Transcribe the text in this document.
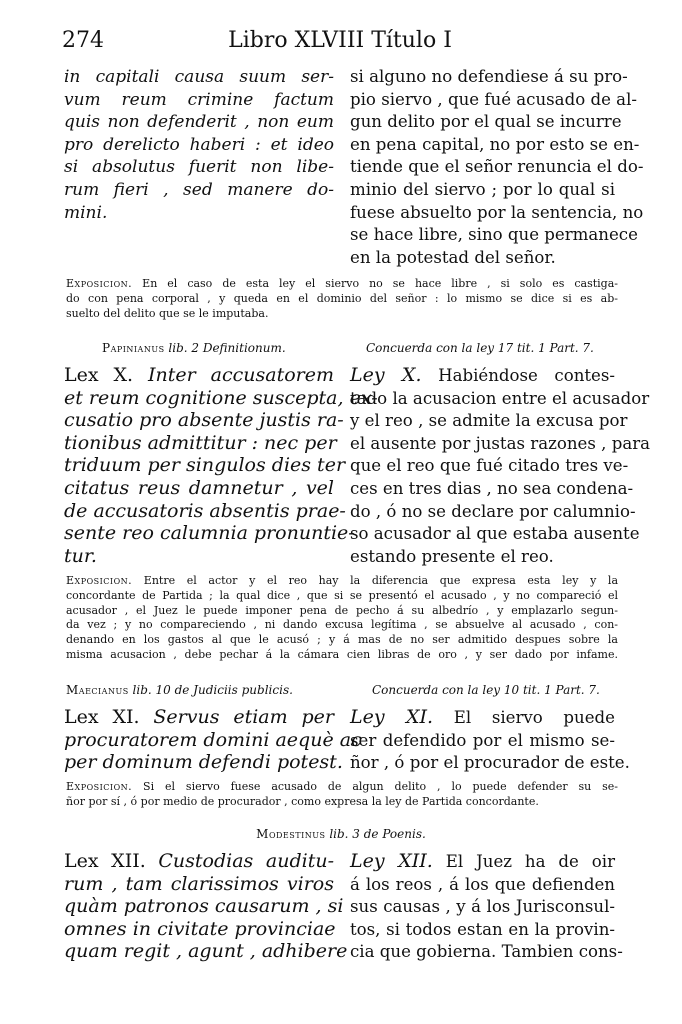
274	Libro XLVIII Título I
in capitali causa suum ser-
vum reum crimine factum
quis non defenderit , non eum
pro derelicto haberi : et ideo
si absolutus fuerit non libe-
rum fieri , sed manere do-
mini.
si alguno no defendiese á su pro-
pio siervo , que fué acusado de al-
gun delito por el qual se incurre
en pena capital, no por esto se en-
tiende que el señor renuncia el do-
minio del siervo ; por lo qual si
fuese absuelto por la sentencia, no
se hace libre, sino que permanece
en la potestad del señor.
Exposicion. En el caso de esta ley el siervo no se hace libre , si solo es castiga-
do con pena corporal , y queda en el dominio del señor : lo mismo se dice si es ab-
suelto del delito que se le imputaba.
Papinianus lib. 2 Definitionum.	Concuerda con la ley 17 tit. 1 Part. 7.
Lex X. Inter accusatorem
et reum cognitione suscepta, ex-
cusatio pro absente justis ra-
tionibus admittitur : nec per
triduum per singulos dies ter
citatus reus damnetur , vel
de accusatoris absentis prae-
sente reo calumnia pronuntie-
tur.
Ley X. Habiéndose contes-
tado la acusacion entre el acusador
y el reo , se admite la excusa por
el ausente por justas razones , para
que el reo que fué citado tres ve-
ces en tres dias , no sea condena-
do , ó no se declare por calumnio-
so acusador al que estaba ausente
estando presente el reo.
Exposicion. Entre el actor y el reo hay la diferencia que expresa esta ley y la
concordante de Partida ; la qual dice , que si se presentó el acusado , y no compareció el
acusador , el Juez le puede imponer pena de pecho á su albedrío , y emplazarlo segun-
da vez ; y no compareciendo , ni dando excusa legítima , se absuelve al acusado , con-
denando en los gastos al que le acusó ; y á mas de no ser admitido despues sobre la
misma acusacion , debe pechar á la cámara cien libras de oro , y ser dado por infame.
Maecianus lib. 10 de Judiciis publicis.	Concuerda con la ley 10 tit. 1 Part. 7.
Lex XI. Servus etiam per
procuratorem domini aequè ac
per dominum defendi potest.
Ley XI. El siervo puede
ser defendido por el mismo se-
ñor , ó por el procurador de este.
Exposicion. Si el siervo fuese acusado de algun delito , lo puede defender su se-
ñor por sí , ó por medio de procurador , como expresa la ley de Partida concordante.
Modestinus lib. 3 de Poenis.
Lex XII. Custodias auditu-
rum , tam clarissimos viros
quàm patronos causarum , si
omnes in civitate provinciae
quam regit , agunt , adhibere
Ley XII. El Juez ha de oir
á los reos , á los que defienden
sus causas , y á los Jurisconsul-
tos, si todos estan en la provin-
cia que gobierna. Tambien cons-
